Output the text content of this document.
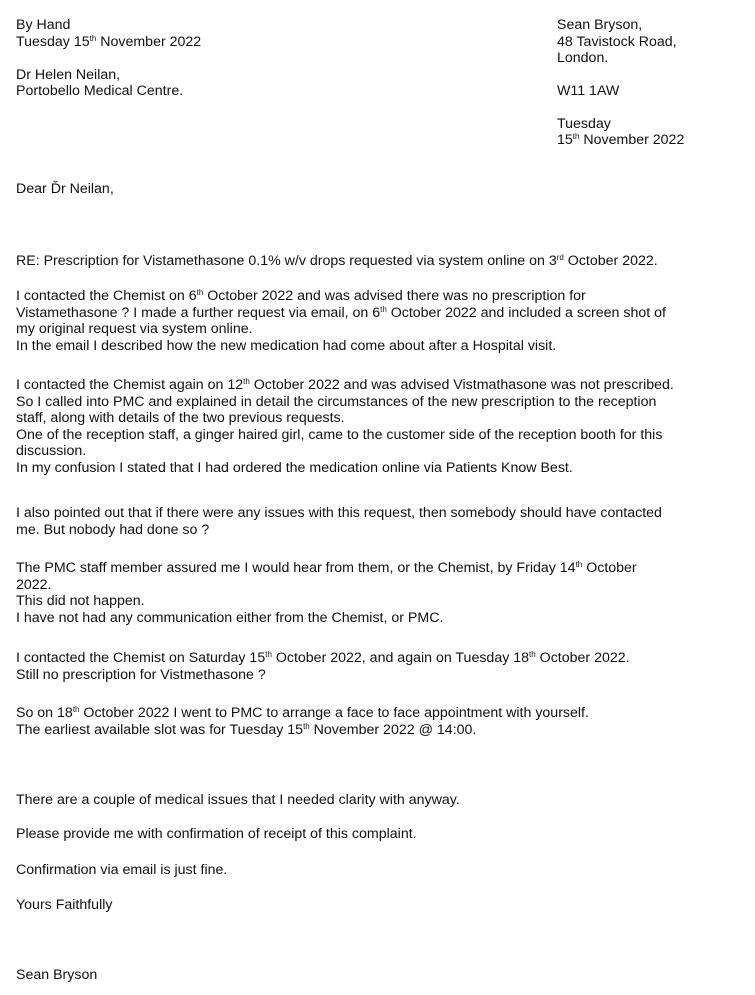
By Hand
Tuesday 15th November 2022
Dr Helen Neilan,
Portobello Medical Centre.
Sean Bryson,
48 Tavistock Road,
London.
W11 1AW
Tuesday
15th November 2022
Dear Ďr Neilan,
RE: Prescription for Vistamethasone 0.1% w/v drops requested via system online on 3rd October 2022.
I contacted the Chemist on 6th October 2022 and was advised there was no prescription for
Vistamethasone ? I made a further request via email, on 6th October 2022 and included a screen shot of
my original request via system online.
In the email I described how the new medication had come about after a Hospital visit.
I contacted the Chemist again on 12th October 2022 and was advised Vistmathasone was not prescribed.
So I called into PMC and explained in detail the circumstances of the new prescription to the reception
staff, along with details of the two previous requests.
One of the reception staff, a ginger haired girl, came to the customer side of the reception booth for this
discussion.
In my confusion I stated that I had ordered the medication online via Patients Know Best.
I also pointed out that if there were any issues with this request, then somebody should have contacted
me. But nobody had done so ?
The PMC staff member assured me I would hear from them, or the Chemist, by Friday 14th October
2022.
This did not happen.
I have not had any communication either from the Chemist, or PMC.
I contacted the Chemist on Saturday 15th October 2022, and again on Tuesday 18th October 2022.
Still no prescription for Vistmethasone ?
So on 18th October 2022 I went to PMC to arrange a face to face appointment with yourself.
The earliest available slot was for Tuesday 15th November 2022 @ 14:00.
There are a couple of medical issues that I needed clarity with anyway.
Please provide me with confirmation of receipt of this complaint.
Confirmation via email is just fine.
Yours Faithfully
Sean Bryson
